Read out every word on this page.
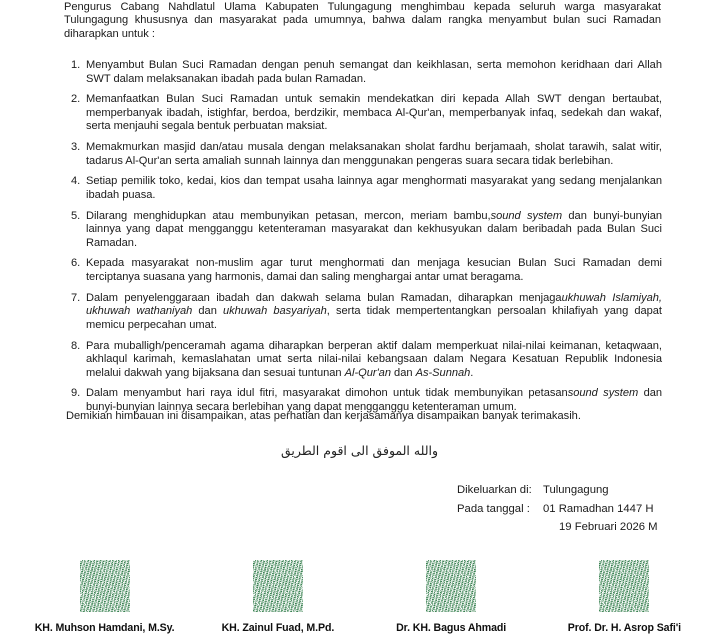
Pengurus Cabang Nahdlatul Ulama Kabupaten Tulungagung menghimbau kepada seluruh warga masyarakat Tulungagung khususnya dan masyarakat pada umumnya, bahwa dalam rangka menyambut bulan suci Ramadan diharapkan untuk :
1. Menyambut Bulan Suci Ramadan dengan penuh semangat dan keikhlasan, serta memohon keridhaan dari Allah SWT dalam melaksanakan ibadah pada bulan Ramadan.
2. Memanfaatkan Bulan Suci Ramadan untuk semakin mendekatkan diri kepada Allah SWT dengan bertaubat, memperbanyak ibadah, istighfar, berdoa, berdzikir, membaca Al-Qur'an, memperbanyak infaq, sedekah dan wakaf, serta menjauhi segala bentuk perbuatan maksiat.
3. Memakmurkan masjid dan/atau musala dengan melaksanakan sholat fardhu berjamaah, sholat tarawih, salat witir, tadarus Al-Qur'an serta amaliah sunnah lainnya dan menggunakan pengeras suara secara tidak berlebihan.
4. Setiap pemilik toko, kedai, kios dan tempat usaha lainnya agar menghormati masyarakat yang sedang menjalankan ibadah puasa.
5. Dilarang menghidupkan atau membunyikan petasan, mercon, meriam bambu,sound system dan bunyi-bunyian lainnya yang dapat mengganggu ketenteraman masyarakat dan kekhusyukan dalam beribadah pada Bulan Suci Ramadan.
6. Kepada masyarakat non-muslim agar turut menghormati dan menjaga kesucian Bulan Suci Ramadan demi terciptanya suasana yang harmonis, damai dan saling menghargai antar umat beragama.
7. Dalam penyelenggaraan ibadah dan dakwah selama bulan Ramadan, diharapkan menjagaukhuwah Islamiyah, ukhuwah wathaniyah dan ukhuwah basyariyah, serta tidak mempertentangkan persoalan khilafiyah yang dapat memicu perpecahan umat.
8. Para muballigh/penceramah agama diharapkan berperan aktif dalam memperkuat nilai-nilai keimanan, ketaqwaan, akhlaqul karimah, kemaslahatan umat serta nilai-nilai kebangsaan dalam Negara Kesatuan Republik Indonesia melalui dakwah yang bijaksana dan sesuai tuntunan Al-Qur'an dan As-Sunnah.
9. Dalam menyambut hari raya idul fitri, masyarakat dimohon untuk tidak membunyikan petasansound system dan bunyi-bunyian lainnya secara berlebihan yang dapat mengganggu ketenteraman umum.
Demikian himbauan ini disampaikan, atas perhatian dan kerjasamanya disampaikan banyak terimakasih.
والله الموفق الى اقوم الطريق
Dikeluarkan di: Tulungagung
Pada tanggal :	01 Ramadhan 1447 H
19 Februari 2026 M
KH. Muhson Hamdani, M.Sy.	KH. Zainul Fuad, M.Pd.	Dr. KH. Bagus Ahmadi	Prof. Dr. H. Asrop Safi'i
